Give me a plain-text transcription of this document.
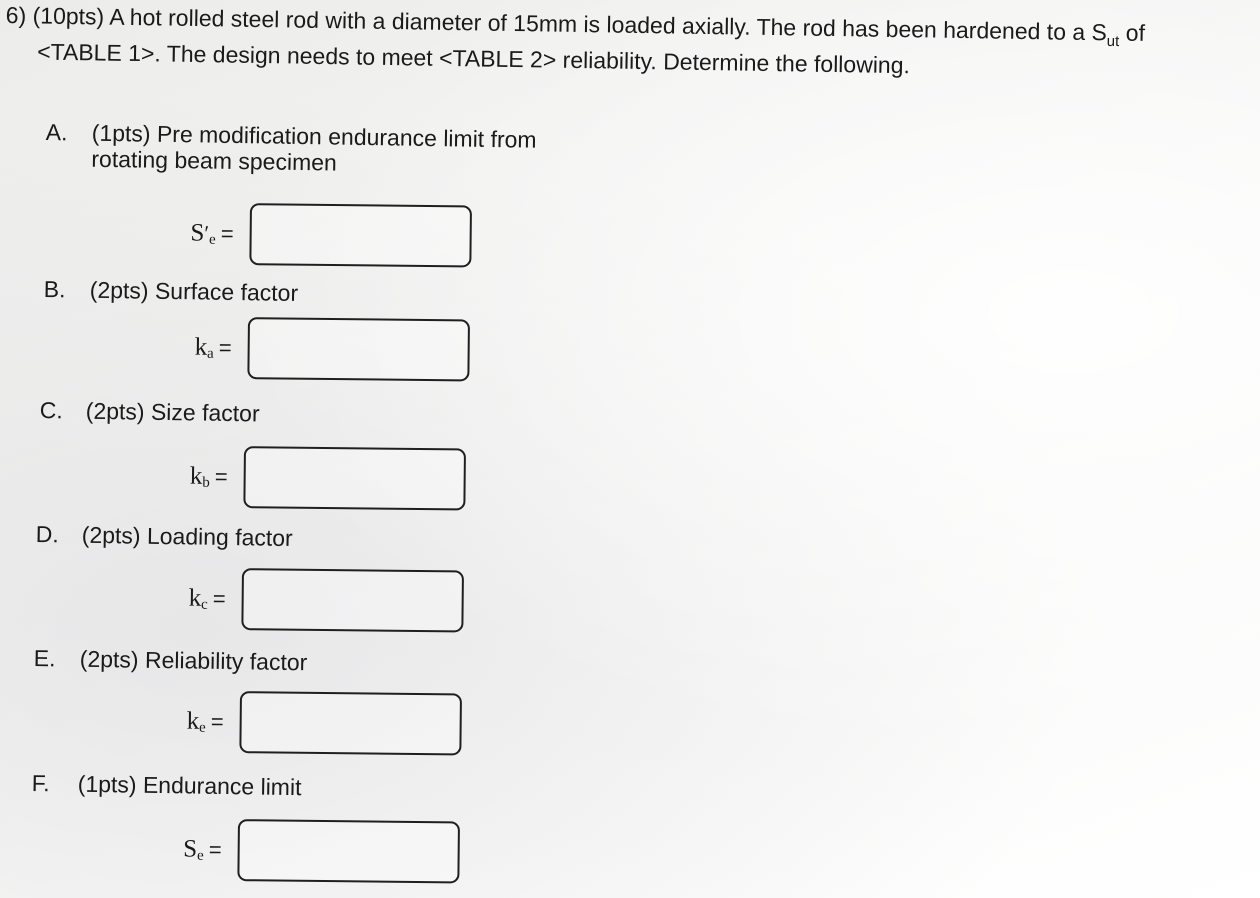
6) (10pts) A hot rolled steel rod with a diameter of 15mm is loaded axially. The rod has been hardened to a $S_{ut}$ of
<TABLE 1>. The design needs to meet <TABLE 2> reliability. Determine the following.
A. (1pts) Pre modification endurance limit from rotating beam specimen
$S'_e$ =
B. (2pts) Surface factor
$k_a$ =
C. (2pts) Size factor
$k_b$ =
D. (2pts) Loading factor
$k_c$ =
E. (2pts) Reliability factor
$k_e$ =
F. (1pts) Endurance limit
$S_e$ =
